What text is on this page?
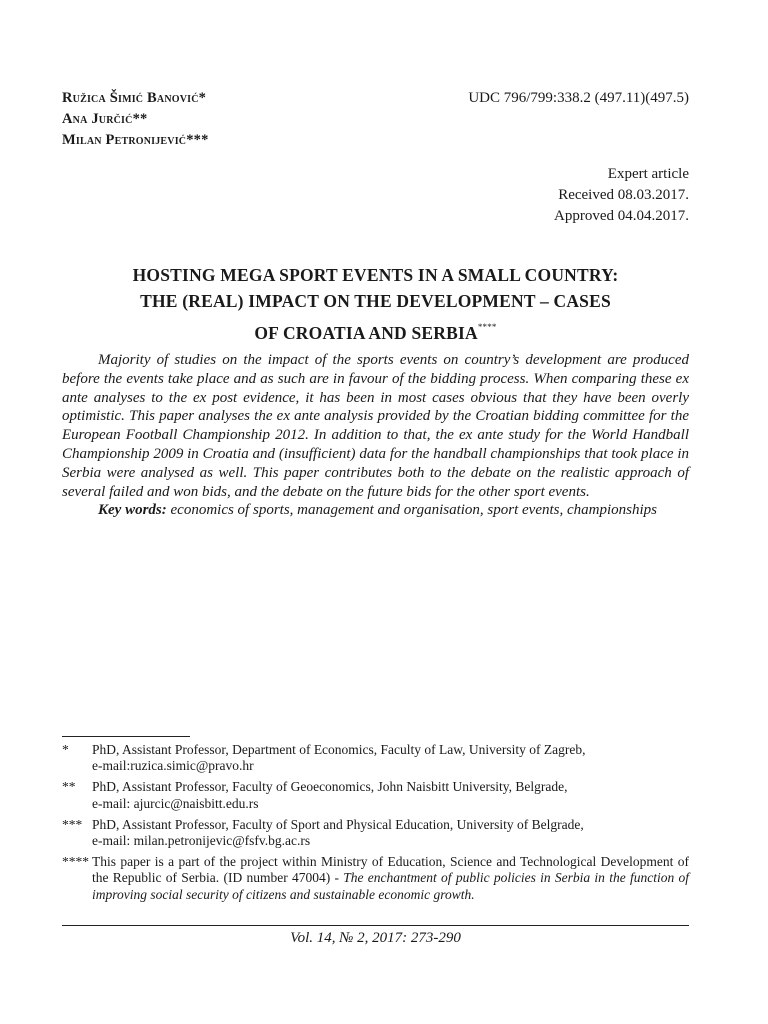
Ružica Šimić Banović*
Ana Jurčić**
Milan Petronijević***
UDC 796/799:338.2 (497.11)(497.5)
Expert article
Received 08.03.2017.
Approved 04.04.2017.
HOSTING MEGA SPORT EVENTS IN A SMALL COUNTRY:
THE (REAL) IMPACT ON THE DEVELOPMENT – CASES
OF CROATIA AND SERBIA****

Majority of studies on the impact of the sports events on country’s development are produced before the events take place and as such are in favour of the bidding process. When comparing these ex ante analyses to the ex post evidence, it has been in most cases obvious that they have been overly optimistic. This paper analyses the ex ante analysis provided by the Croatian bidding committee for the European Football Championship 2012. In addition to that, the ex ante study for the World Handball Championship 2009 in Croatia and (insufficient) data for the handball championships that took place in Serbia were analysed as well. This paper contributes both to the debate on the realistic approach of several failed and won bids, and the debate on the future bids for the other sport events.

Key words: economics of sports, management and organisation, sport events, championships

*	PhD, Assistant Professor, Department of Economics, Faculty of Law, University of Zagreb,
e-mail:ruzica.simic@pravo.hr
**	PhD, Assistant Professor, Faculty of Geoeconomics, John Naisbitt University, Belgrade,
e-mail: ajurcic@naisbitt.edu.rs
*** PhD, Assistant Professor, Faculty of Sport and Physical Education, University of Belgrade,
e-mail: milan.petronijevic@fsfv.bg.ac.rs
**** This paper is a part of the project within Ministry of Education, Science and Technological Development of the Republic of Serbia. (ID number 47004) - The enchantment of public policies in Serbia in the function of improving social security of citizens and sustainable economic growth.
Vol. 14, № 2, 2017: 273-290
